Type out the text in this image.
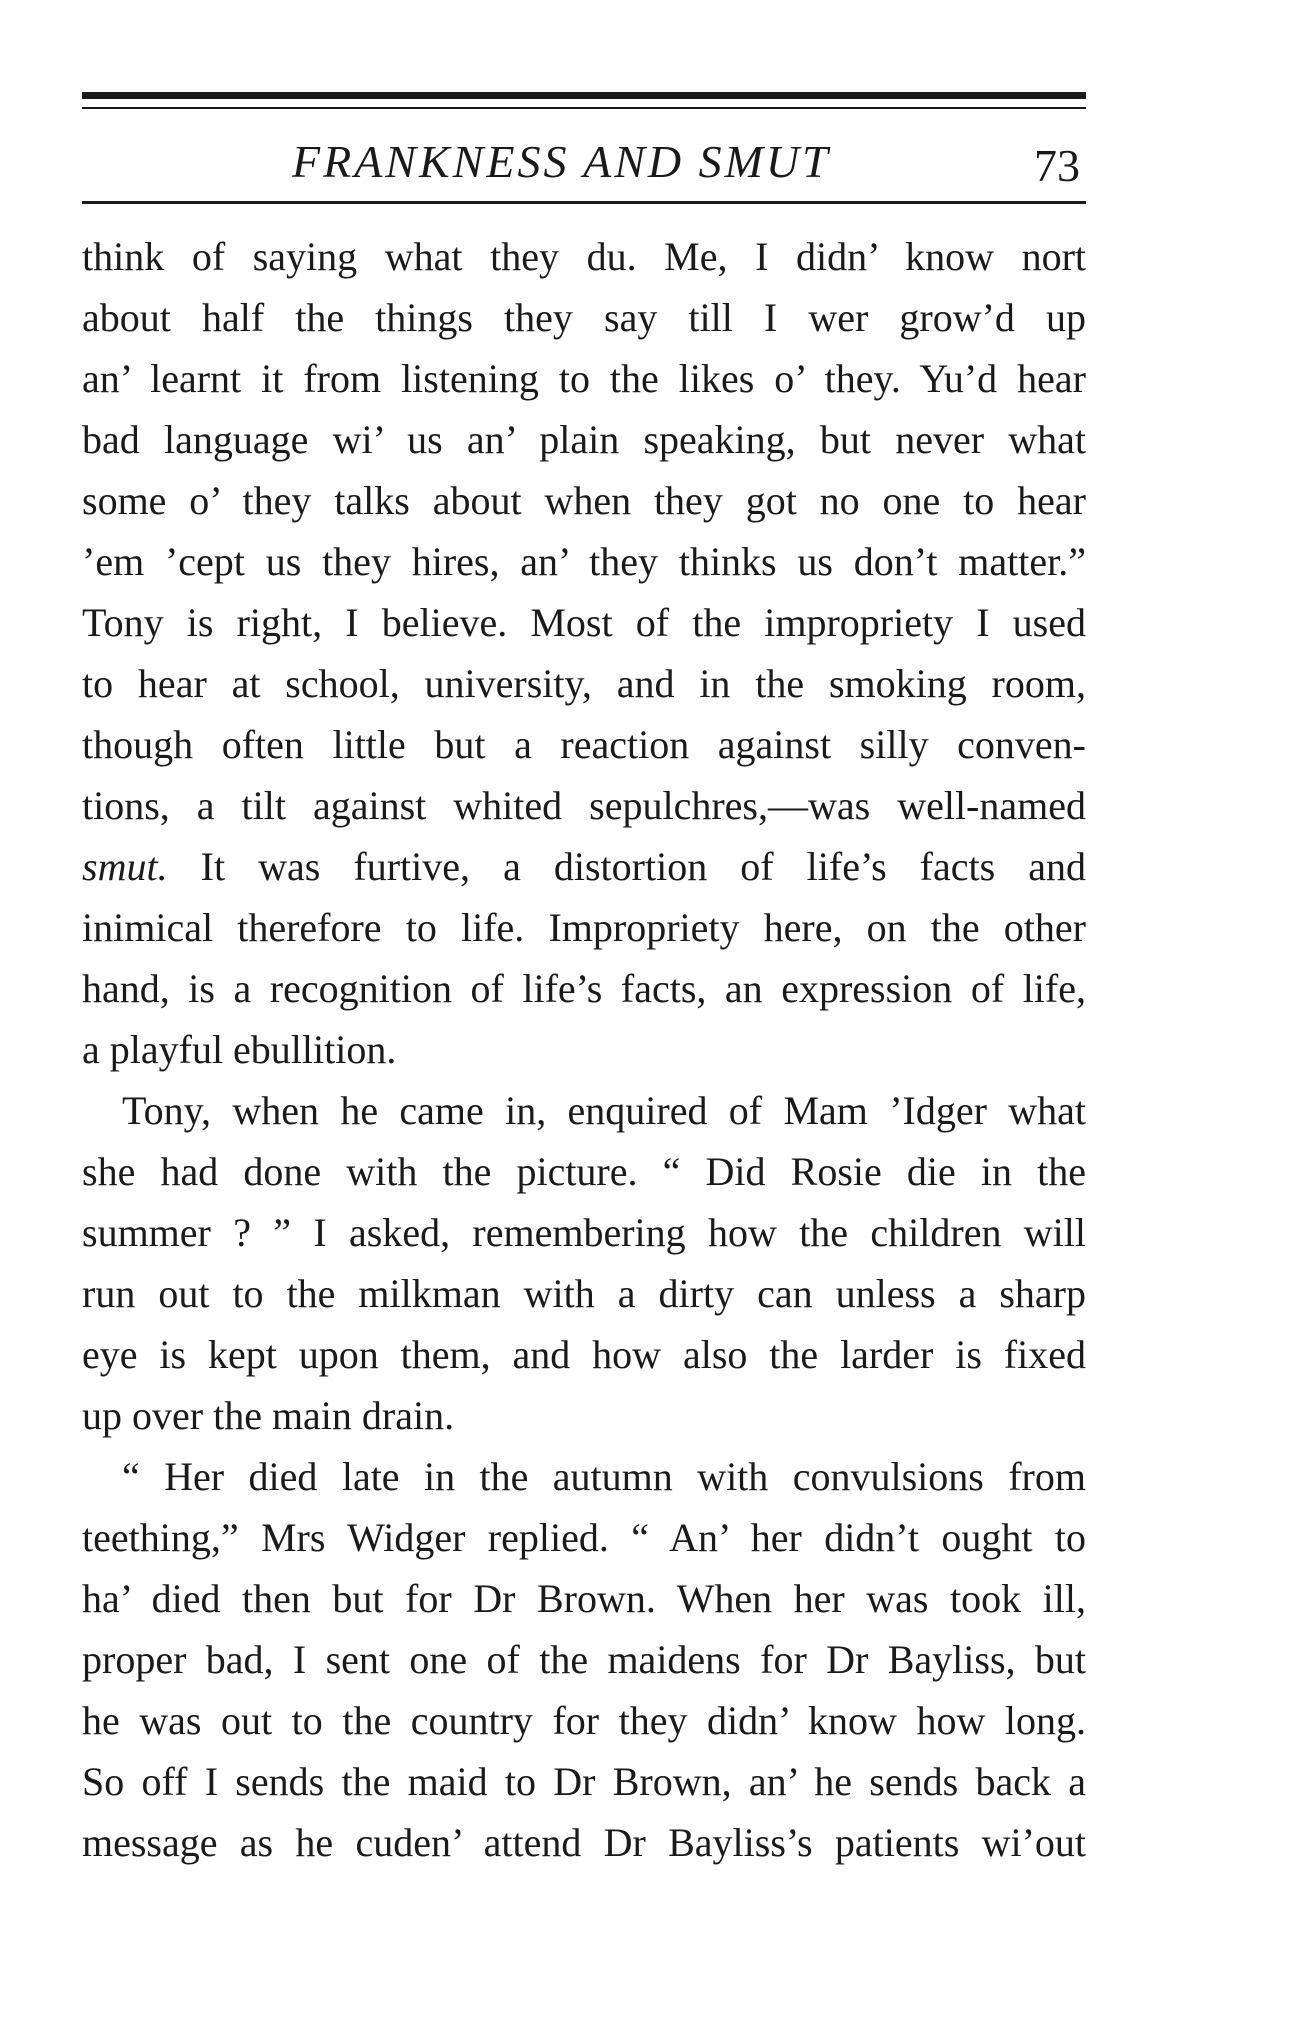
FRANKNESS AND SMUT	73
think of saying what they du. Me, I didn’ know nort
about half the things they say till I wer grow’d up
an’ learnt it from listening to the likes o’ they. Yu’d hear
bad language wi’ us an’ plain speaking, but never what
some o’ they talks about when they got no one to hear
’em ’cept us they hires, an’ they thinks us don’t matter.”
Tony is right, I believe. Most of the impropriety I used
to hear at school, university, and in the smoking room,
though often little but a reaction against silly conven-
tions, a tilt against whited sepulchres,—was well-named
smut. It was furtive, a distortion of life’s facts and
inimical therefore to life. Impropriety here, on the other
hand, is a recognition of life’s facts, an expression of life,
a playful ebullition.
Tony, when he came in, enquired of Mam ’Idger what
she had done with the picture. “ Did Rosie die in the
summer ? ” I asked, remembering how the children will
run out to the milkman with a dirty can unless a sharp
eye is kept upon them, and how also the larder is fixed
up over the main drain.
“ Her died late in the autumn with convulsions from
teething,” Mrs Widger replied. “ An’ her didn’t ought to
ha’ died then but for Dr Brown. When her was took ill,
proper bad, I sent one of the maidens for Dr Bayliss, but
he was out to the country for they didn’ know how long.
So off I sends the maid to Dr Brown, an’ he sends back a
message as he cuden’ attend Dr Bayliss’s patients wi’out
